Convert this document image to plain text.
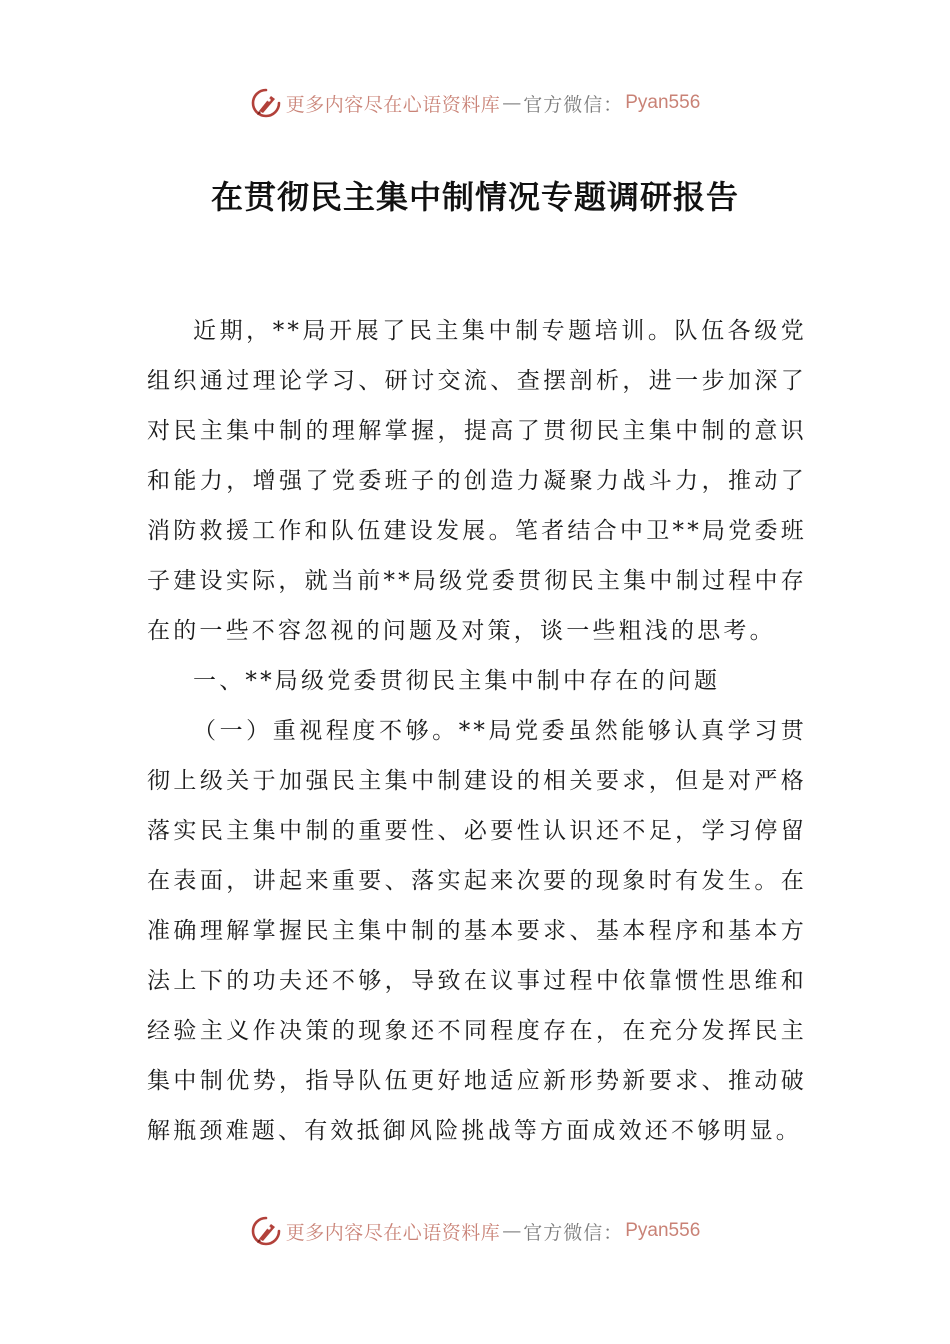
更多内容尽在心语资料库 — 官方微信： Pyan556
在贯彻民主集中制情况专题调研报告

近期，**局开展了民主集中制专题培训。队伍各级党组织通过理论学习、研讨交流、查摆剖析，进一步加深了对民主集中制的理解掌握，提高了贯彻民主集中制的意识和能力，增强了党委班子的创造力凝聚力战斗力，推动了消防救援工作和队伍建设发展。笔者结合中卫**局党委班子建设实际，就当前**局级党委贯彻民主集中制过程中存在的一些不容忽视的问题及对策，谈一些粗浅的思考。

一、**局级党委贯彻民主集中制中存在的问题

（一）重视程度不够。**局党委虽然能够认真学习贯彻上级关于加强民主集中制建设的相关要求，但是对严格落实民主集中制的重要性、必要性认识还不足，学习停留在表面，讲起来重要、落实起来次要的现象时有发生。在准确理解掌握民主集中制的基本要求、基本程序和基本方法上下的功夫还不够，导致在议事过程中依靠惯性思维和经验主义作决策的现象还不同程度存在，在充分发挥民主集中制优势，指导队伍更好地适应新形势新要求、推动破解瓶颈难题、有效抵御风险挑战等方面成效还不够明显。

更多内容尽在心语资料库 — 官方微信： Pyan556
